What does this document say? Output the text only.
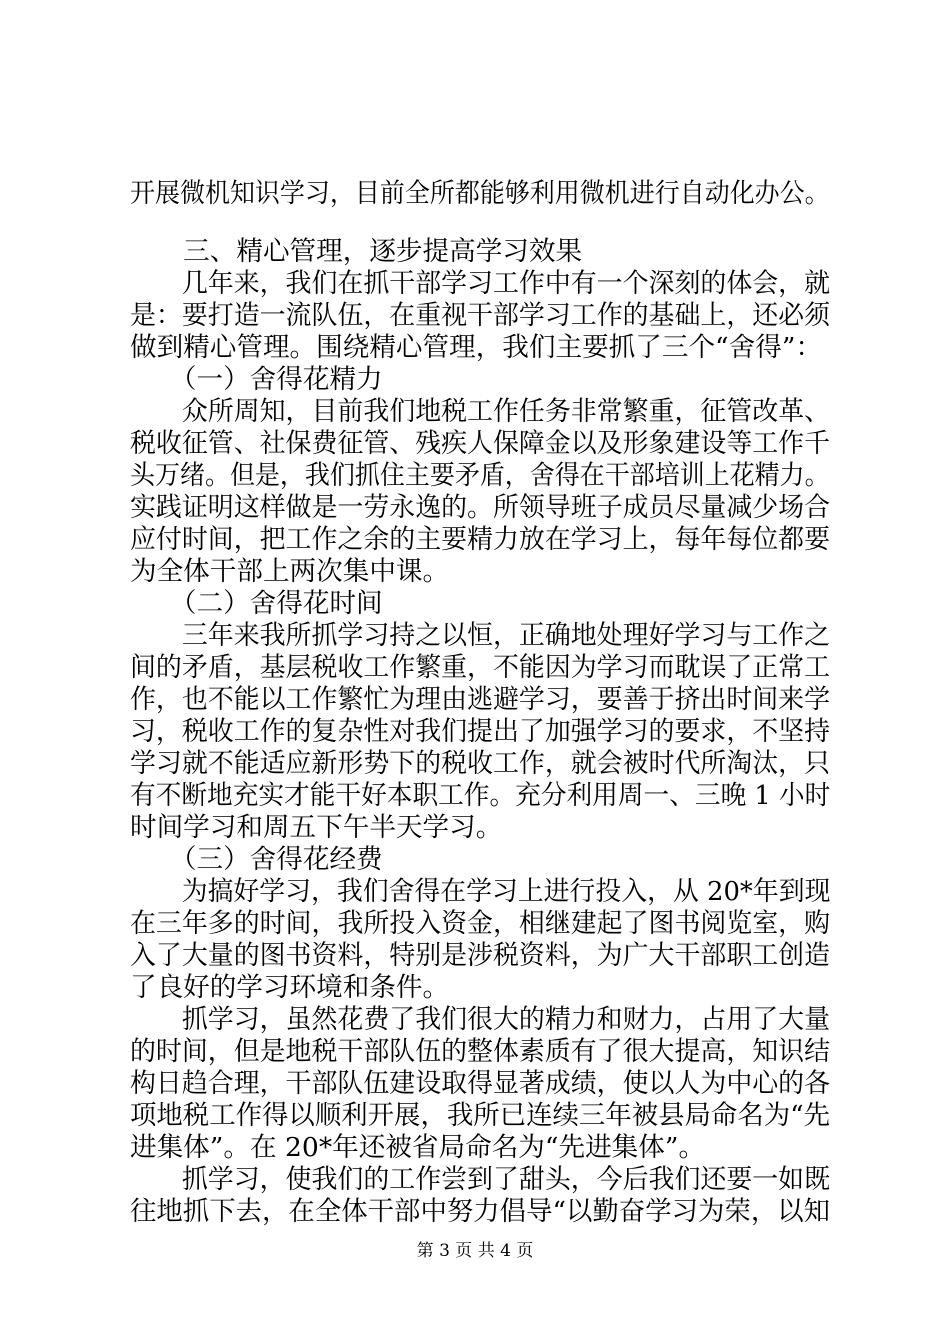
开展微机知识学习，目前全所都能够利用微机进行自动化办公。
　　三、精心管理，逐步提高学习效果
　　几年来，我们在抓干部学习工作中有一个深刻的体会，就
是：要打造一流队伍，在重视干部学习工作的基础上，还必须
做到精心管理。围绕精心管理，我们主要抓了三个“舍得”：
　　（一）舍得花精力
　　众所周知，目前我们地税工作任务非常繁重，征管改革、
税收征管、社保费征管、残疾人保障金以及形象建设等工作千
头万绪。但是，我们抓住主要矛盾，舍得在干部培训上花精力。
实践证明这样做是一劳永逸的。所领导班子成员尽量减少场合
应付时间，把工作之余的主要精力放在学习上，每年每位都要
为全体干部上两次集中课。
　　（二）舍得花时间
　　三年来我所抓学习持之以恒，正确地处理好学习与工作之
间的矛盾，基层税收工作繁重，不能因为学习而耽误了正常工
作，也不能以工作繁忙为理由逃避学习，要善于挤出时间来学
习，税收工作的复杂性对我们提出了加强学习的要求，不坚持
学习就不能适应新形势下的税收工作，就会被时代所淘汰，只
有不断地充实才能干好本职工作。充分利用周一、三晚 1 小时
时间学习和周五下午半天学习。
　　（三）舍得花经费
　　为搞好学习，我们舍得在学习上进行投入，从 20*年到现
在三年多的时间，我所投入资金，相继建起了图书阅览室，购
入了大量的图书资料，特别是涉税资料，为广大干部职工创造
了良好的学习环境和条件。
　　抓学习，虽然花费了我们很大的精力和财力，占用了大量
的时间，但是地税干部队伍的整体素质有了很大提高，知识结
构日趋合理，干部队伍建设取得显著成绩，使以人为中心的各
项地税工作得以顺利开展，我所已连续三年被县局命名为“先
进集体”。在 20*年还被省局命名为“先进集体”。
　　抓学习，使我们的工作尝到了甜头，今后我们还要一如既
往地抓下去，在全体干部中努力倡导“以勤奋学习为荣，以知
第 3 页 共 4 页
